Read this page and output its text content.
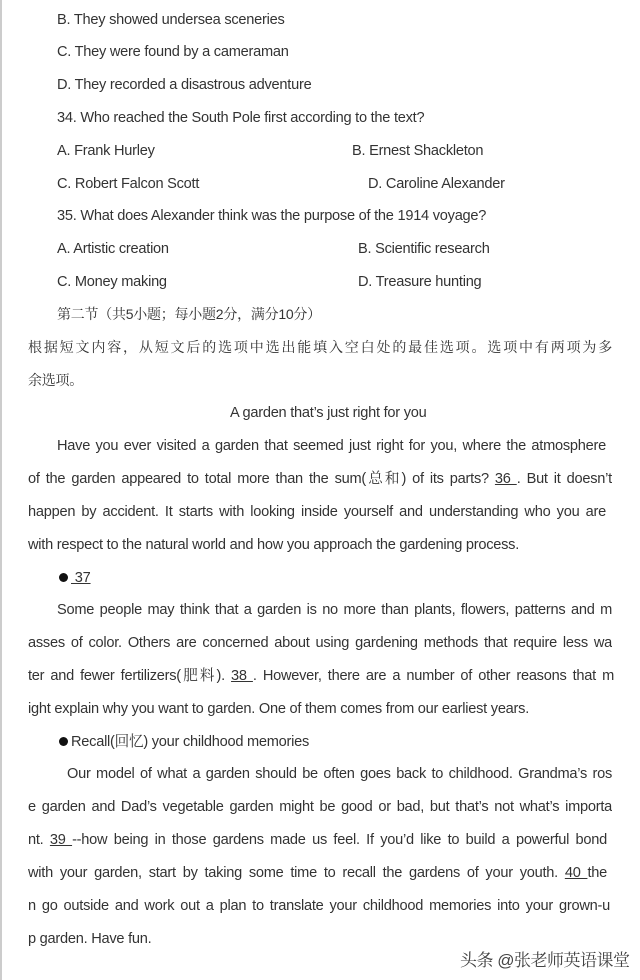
B. They showed undersea sceneries
C. They were found by a cameraman
D. They recorded a disastrous adventure
34. Who reached the South Pole first according to the text?
A. Frank Hurley	B. Ernest Shackleton
C. Robert Falcon Scott	D. Caroline Alexander
35. What does Alexander think was the purpose of the 1914 voyage?
A. Artistic creation	B. Scientific research
C. Money making	D. Treasure hunting
第二节（共5小题；每小题2分，满分10分）
根据短文内容，从短文后的选项中选出能填入空白处的最佳选项。选项中有两项为多
余选项。
A garden that’s just right for you
Have you ever visited a garden that seemed just right for you, where the atmosphere
of the garden appeared to total more than the sum(总和) of its parts? 36 . But it doesn’t
happen by accident. It starts with looking inside yourself and understanding who you are
with respect to the natural world and how you approach the gardening process.
37
Some people may think that a garden is no more than plants, flowers, patterns and m
asses of color. Others are concerned about using gardening methods that require less wa
ter and fewer fertilizers(肥料). 38 . However, there are a number of other reasons that m
ight explain why you want to garden. One of them comes from our earliest years.
Recall(回忆) your childhood memories
Our model of what a garden should be often goes back to childhood. Grandma’s ros
e garden and Dad’s vegetable garden might be good or bad, but that’s not what’s importa
nt. 39 --how being in those gardens made us feel. If you’d like to build a powerful bond
with your garden, start by taking some time to recall the gardens of your youth. 40 the
n go outside and work out a plan to translate your childhood memories into your grown-u
p garden. Have fun.
头条 @张老师英语课堂
